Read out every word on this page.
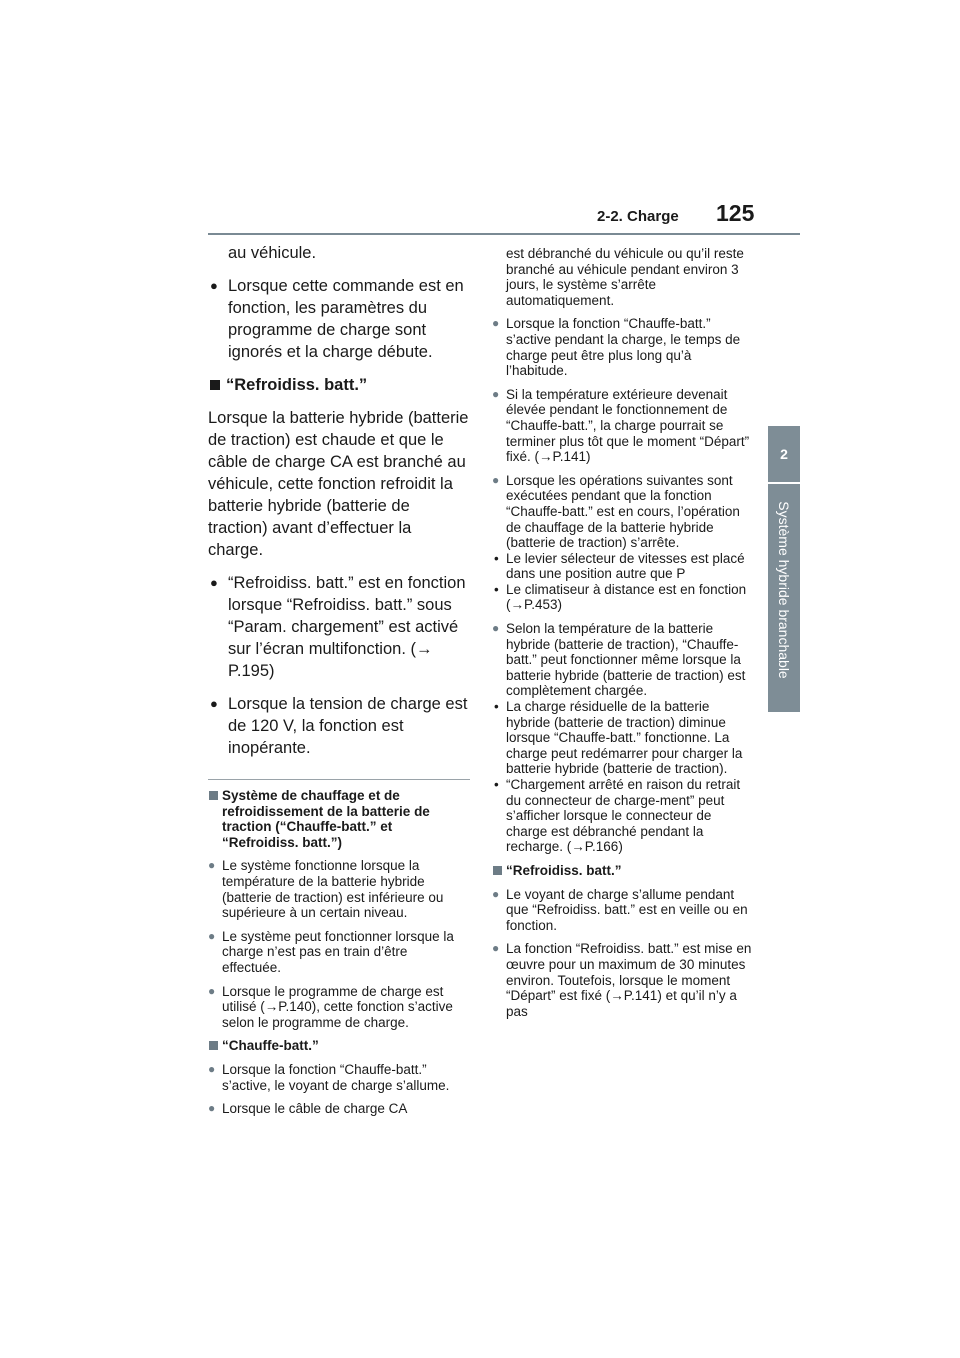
2-2. Charge 125
2
Système hybride branchable

au véhicule.

● Lorsque cette commande est en fonction, les paramètres du programme de charge sont ignorés et la charge débute.

“Refroidiss. batt.”

Lorsque la batterie hybride (batterie de traction) est chaude et que le câble de charge CA est branché au véhicule, cette fonction refroidit la batterie hybride (batterie de traction) avant d’effectuer la charge.

● “Refroidiss. batt.” est en fonction lorsque “Refroidiss. batt.” sous “Param. chargement” est activé sur l’écran multifonction. (→P.195)

● Lorsque la tension de charge est de 120 V, la fonction est inopérante.

Système de chauffage et de refroidissement de la batterie de traction (“Chauffe-batt.” et “Refroidiss. batt.”)

● Le système fonctionne lorsque la température de la batterie hybride (batterie de traction) est inférieure ou supérieure à un certain niveau.

● Le système peut fonctionner lorsque la charge n’est pas en train d’être effectuée.

● Lorsque le programme de charge est utilisé (→P.140), cette fonction s’active selon le programme de charge.

“Chauffe-batt.”

● Lorsque la fonction “Chauffe-batt.” s’active, le voyant de charge s’allume.

● Lorsque le câble de charge CA

est débranché du véhicule ou qu’il reste branché au véhicule pendant environ 3 jours, le système s’arrête automatiquement.

● Lorsque la fonction “Chauffe-batt.” s’active pendant la charge, le temps de charge peut être plus long qu’à l’habitude.

● Si la température extérieure devenait élevée pendant le fonctionnement de “Chauffe-batt.”, la charge pourrait se terminer plus tôt que le moment “Départ” fixé. (→P.141)

● Lorsque les opérations suivantes sont exécutées pendant que la fonction “Chauffe-batt.” est en cours, l’opération de chauffage de la batterie hybride (batterie de traction) s’arrête.

• Le levier sélecteur de vitesses est placé dans une position autre que P

• Le climatiseur à distance est en fonction (→P.453)

● Selon la température de la batterie hybride (batterie de traction), “Chauffe-batt.” peut fonctionner même lorsque la batterie hybride (batterie de traction) est complètement chargée.

• La charge résiduelle de la batterie hybride (batterie de traction) diminue lorsque “Chauffe-batt.” fonctionne. La charge peut redémarrer pour charger la batterie hybride (batterie de traction).

• “Chargement arrêté en raison du retrait du connecteur de charge-ment” peut s’afficher lorsque le connecteur de charge est débranché pendant la recharge. (→P.166)

“Refroidiss. batt.”

● Le voyant de charge s’allume pendant que “Refroidiss. batt.” est en veille ou en fonction.

● La fonction “Refroidiss. batt.” est mise en œuvre pour un maximum de 30 minutes environ. Toutefois, lorsque le moment “Départ” est fixé (→P.141) et qu’il n’y a pas
